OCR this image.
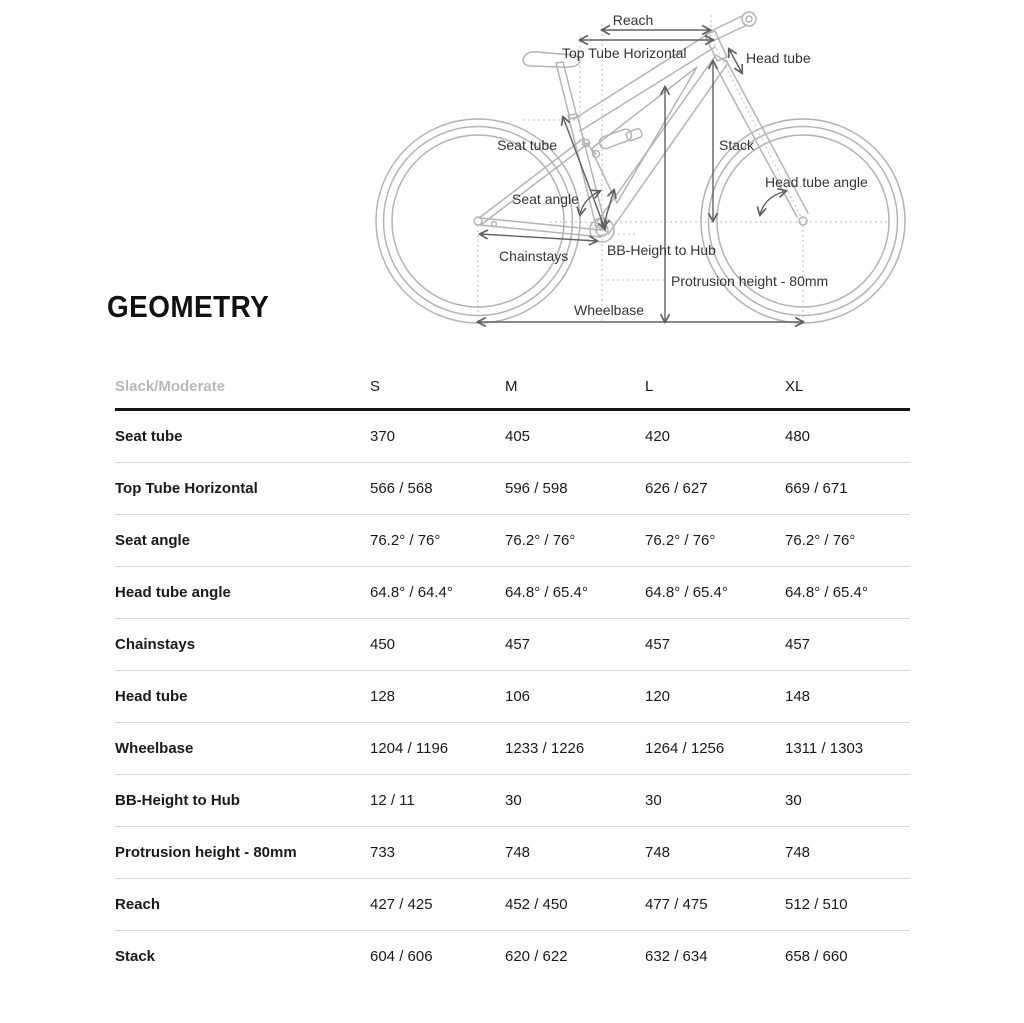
Reach
Top Tube Horizontal	Head tube
Seat tube	Stack
Head tube angle
Seat angle
Chainstays	BB-Height to Hub
Protrusion height - 80mm
Wheelbase
GEOMETRY
Slack/Moderate	S	M	L	XL
Seat tube	370	405	420	480
Top Tube Horizontal	566 / 568	596 / 598	626 / 627	669 / 671
Seat angle	76.2° / 76°	76.2° / 76°	76.2° / 76°	76.2° / 76°
Head tube angle	64.8° / 64.4°	64.8° / 65.4°	64.8° / 65.4°	64.8° / 65.4°
Chainstays	450	457	457	457
Head tube	128	106	120	148
Wheelbase	1204 / 1196	1233 / 1226	1264 / 1256	1311 / 1303
BB-Height to Hub	12 / 11	30	30	30
Protrusion height - 80mm	733	748	748	748
Reach	427 / 425	452 / 450	477 / 475	512 / 510
Stack	604 / 606	620 / 622	632 / 634	658 / 660
